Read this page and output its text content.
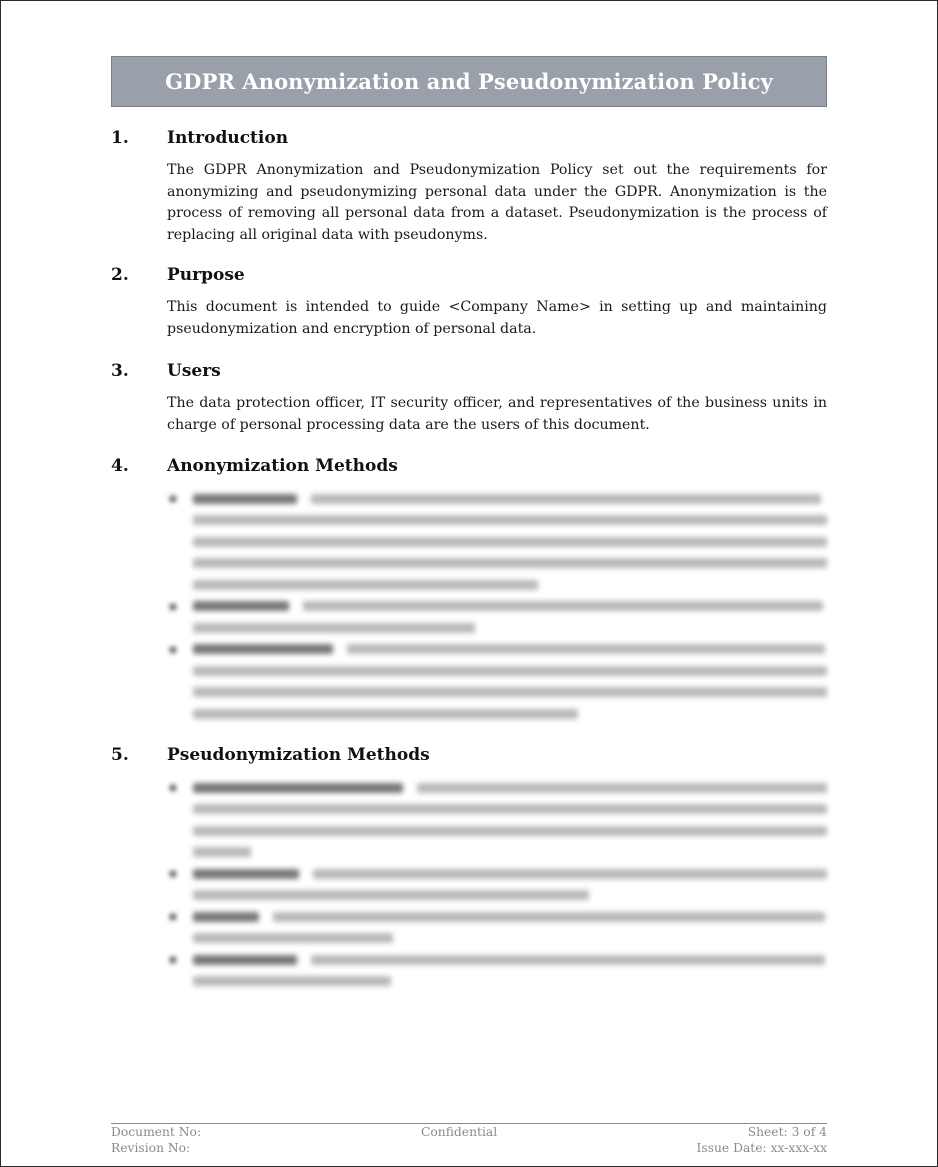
GDPR Anonymization and Pseudonymization Policy
1. Introduction
The GDPR Anonymization and Pseudonymization Policy set out the requirements for anonymizing and pseudonymizing personal data under the GDPR. Anonymization is the process of removing all personal data from a dataset. Pseudonymization is the process of replacing all original data with pseudonyms.
2. Purpose
This document is intended to guide <Company Name> in setting up and maintaining pseudonymization and encryption of personal data.
3. Users
The data protection officer, IT security officer, and representatives of the business units in charge of personal processing data are the users of this document.
4. Anonymization Methods
•
•
•
5. Pseudonymization Methods
•
•
•
•
Document No:	Confidential	Sheet: 3 of 4
Revision No:	Issue Date: xx-xxx-xx
